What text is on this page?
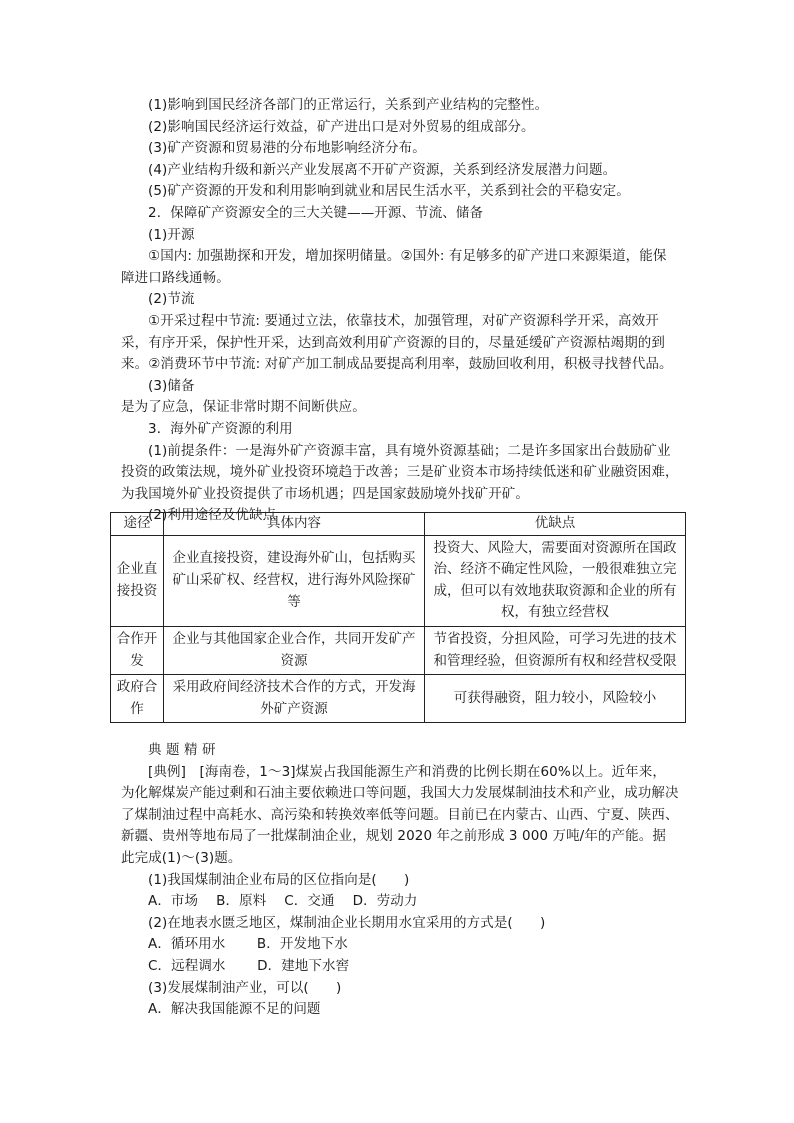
(1)影响到国民经济各部门的正常运行，关系到产业结构的完整性。

(2)影响国民经济运行效益，矿产进出口是对外贸易的组成部分。

(3)矿产资源和贸易港的分布地影响经济分布。

(4)产业结构升级和新兴产业发展离不开矿产资源，关系到经济发展潜力问题。

(5)矿产资源的开发和利用影响到就业和居民生活水平，关系到社会的平稳安定。

2．保障矿产资源安全的三大关键——开源、节流、储备

(1)开源

①国内: 加强勘探和开发，增加探明储量。②国外: 有足够多的矿产进口来源渠道，能保障进口路线通畅。

(2)节流

①开采过程中节流: 要通过立法，依靠技术，加强管理，对矿产资源科学开采，高效开采，有序开采，保护性开采，达到高效利用矿产资源的目的，尽量延缓矿产资源枯竭期的到来。②消费环节中节流: 对矿产加工制成品要提高利用率，鼓励回收利用，积极寻找替代品。

(3)储备

是为了应急，保证非常时期不间断供应。

3．海外矿产资源的利用

(1)前提条件：一是海外矿产资源丰富，具有境外资源基础；二是许多国家出台鼓励矿业投资的政策法规，境外矿业投资环境趋于改善；三是矿业资本市场持续低迷和矿业融资困难，为我国境外矿业投资提供了市场机遇；四是国家鼓励境外找矿开矿。

(2)利用途径及优缺点

途径	具体内容	优缺点
企业直接投资	企业直接投资，建设海外矿山，包括购买矿山采矿权、经营权，进行海外风险探矿等	投资大、风险大，需要面对资源所在国政治、经济不确定性风险，一般很难独立完成，但可以有效地获取资源和企业的所有权，有独立经营权
合作开发	企业与其他国家企业合作，共同开发矿产资源	节省投资，分担风险，可学习先进的技术和管理经验，但资源所有权和经营权受限
政府合作	采用政府间经济技术合作的方式，开发海外矿产资源	可获得融资，阻力较小，风险较小

典 题 精 研

[典例]　[海南卷，1～3]煤炭占我国能源生产和消费的比例长期在60%以上。近年来，为化解煤炭产能过剩和石油主要依赖进口等问题，我国大力发展煤制油技术和产业，成功解决了煤制油过程中高耗水、高污染和转换效率低等问题。目前已在内蒙古、山西、宁夏、陕西、新疆、贵州等地布局了一批煤制油企业，规划 2020 年之前形成 3 000 万吨/年的产能。据此完成(1)～(3)题。

(1)我国煤制油企业布局的区位指向是(　　)

A．市场　 B．原料　 C．交通　 D．劳动力

(2)在地表水匮乏地区，煤制油企业长期用水宜采用的方式是(　　)

A．循环用水　　 B．开发地下水

C．远程调水　　 D．建地下水窖

(3)发展煤制油产业，可以(　　)

A．解决我国能源不足的问题
